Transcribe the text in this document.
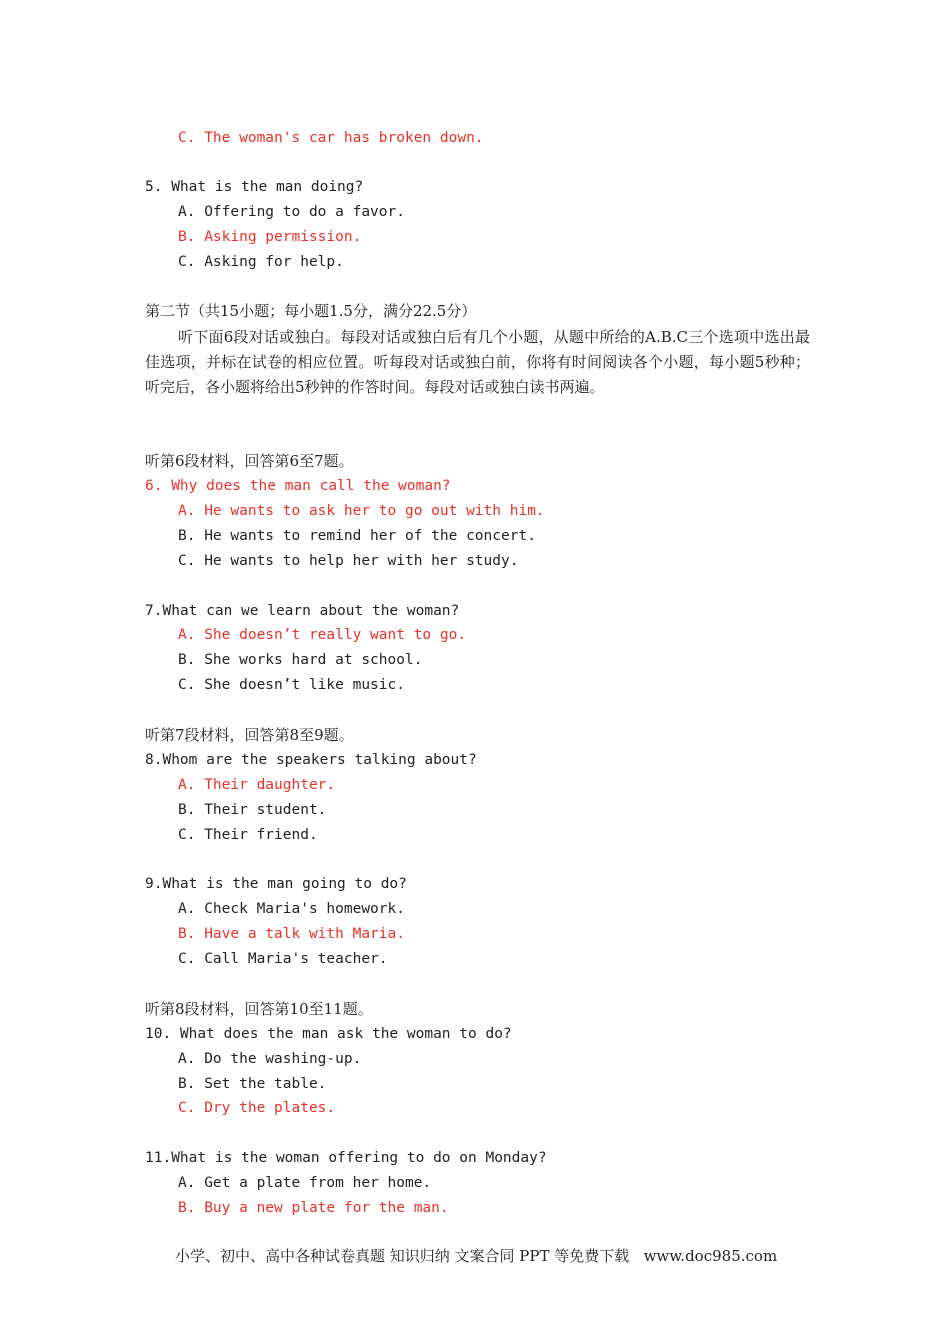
C. The woman's car has broken down.
5. What is the man doing?
A. Offering to do a favor.
B. Asking permission.
C. Asking for help.
第二节（共15小题；每小题1.5分，满分22.5分）
听下面6段对话或独白。每段对话或独白后有几个小题，从题中所给的A.B.C三个选项中选出最佳选项，并标在试卷的相应位置。听每段对话或独白前，你将有时间阅读各个小题，每小题5秒种；听完后，各小题将给出5秒钟的作答时间。每段对话或独白读书两遍。
听第6段材料，回答第6至7题。
6. Why does the man call the woman?
A. He wants to ask her to go out with him.
B. He wants to remind her of the concert.
C. He wants to help her with her study.
7.What can we learn about the woman?
A. She doesn’t really want to go.
B. She works hard at school.
C. She doesn’t like music.
听第7段材料，回答第8至9题。
8.Whom are the speakers talking about?
A. Their daughter.
B. Their student.
C. Their friend.
9.What is the man going to do?
A. Check Maria's homework.
B. Have a talk with Maria.
C. Call Maria's teacher.
听第8段材料，回答第10至11题。
10. What does the man ask the woman to do?
A. Do the washing-up.
B. Set the table.
C. Dry the plates.
11.What is the woman offering to do on Monday?
A. Get a plate from her home.
B. Buy a new plate for the man.
小学、初中、高中各种试卷真题 知识归纳 文案合同 PPT 等免费下载   www.doc985.com
